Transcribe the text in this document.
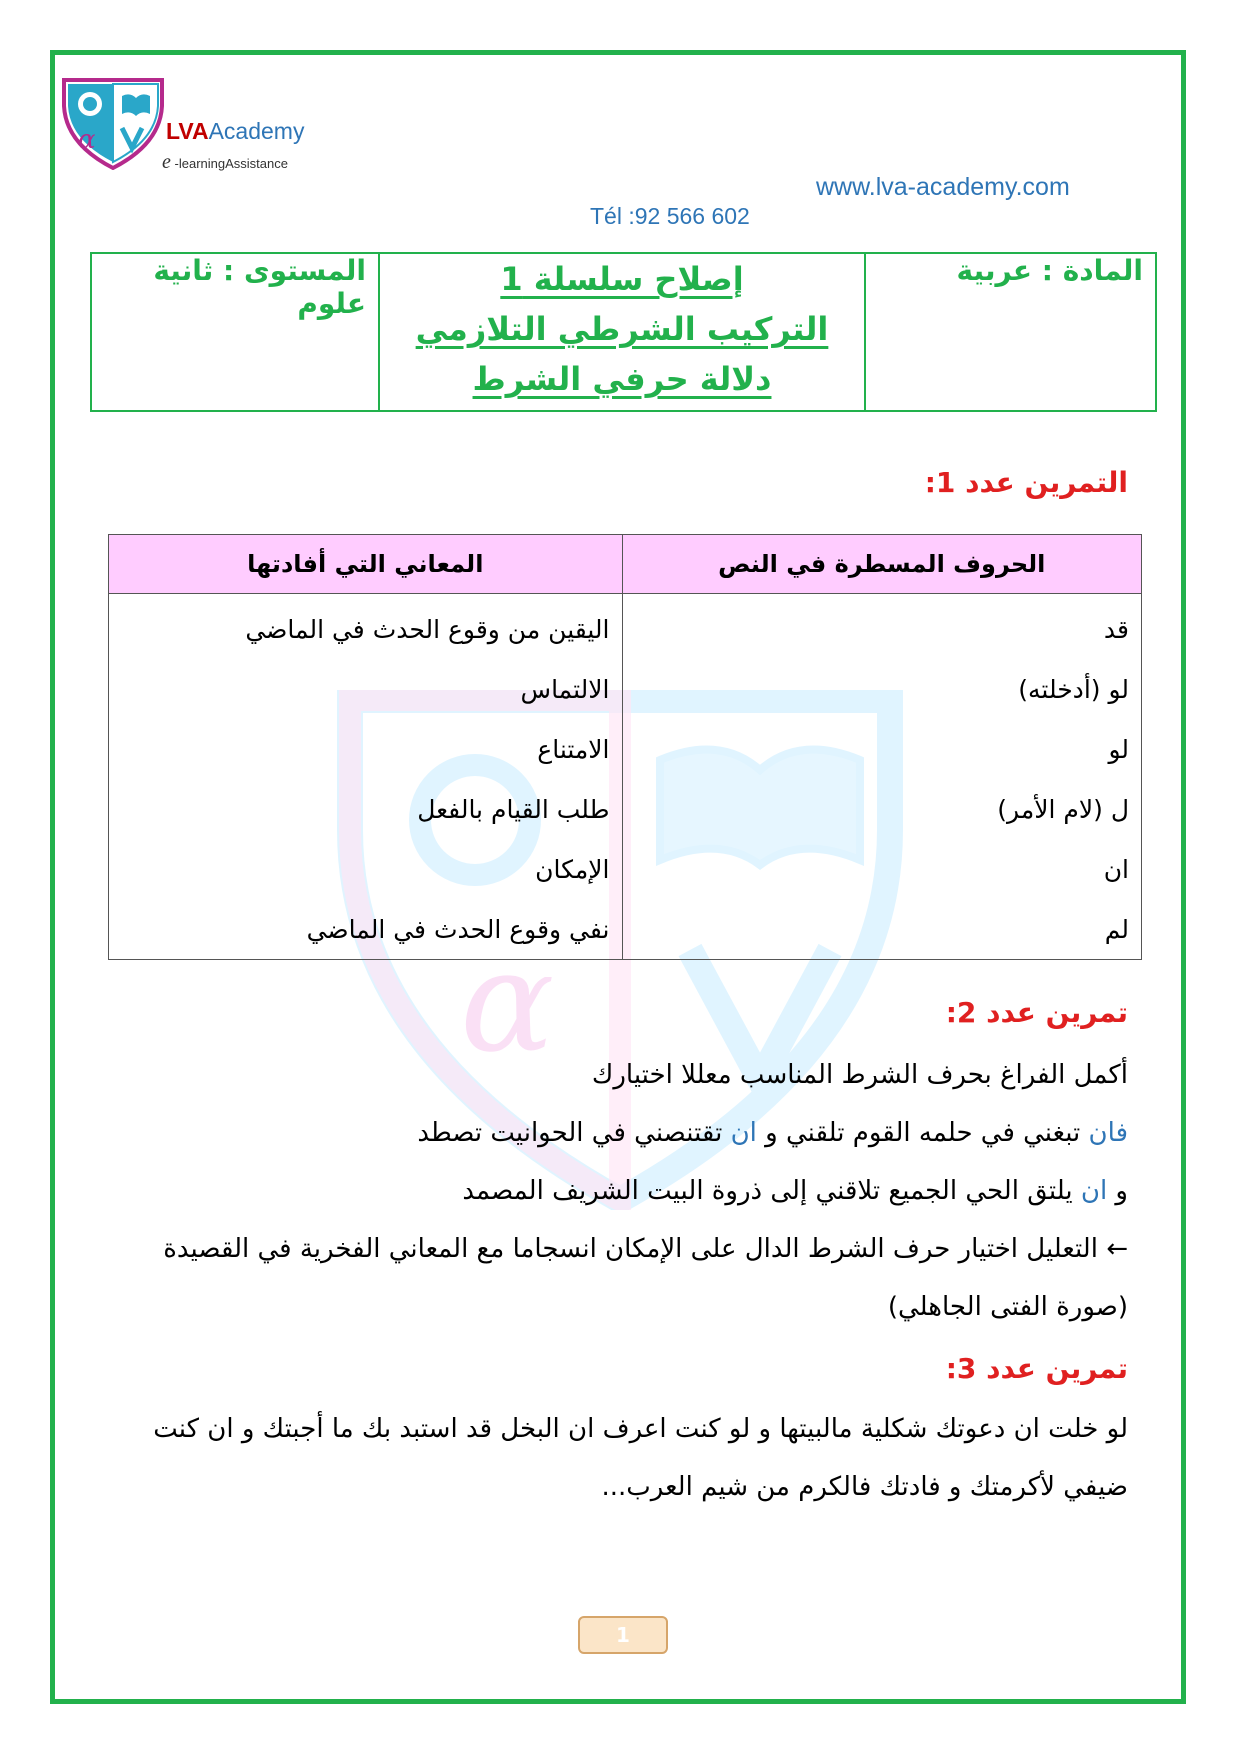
α
α	LVAAcademy
e -learningAssistance
www.lva-academy.com
Tél :92 566 602
المادة : عربية	
إصلاح سلسلة 1
التركيب الشرطي التلازمي
دلالة حرفي الشرط
	المستوى : ثانية علوم
التمرين عدد 1:
الحروف المسطرة في النص	المعاني التي أفادتها
قد	اليقين من وقوع الحدث في الماضي
لو (أدخلته)	الالتماس
لو	الامتناع
ل (لام الأمر)	طلب القيام بالفعل
ان	الإمكان
لم	نفي وقوع الحدث في الماضي
تمرين عدد 2:
أكمل الفراغ بحرف الشرط المناسب معللا اختيارك
فان تبغني في حلمه القوم تلقني و ان تقتنصني في الحوانيت تصطد
و ان يلتق الحي الجميع تلاقني إلى ذروة البيت الشريف المصمد
← التعليل اختيار حرف الشرط الدال على الإمكان انسجاما مع المعاني الفخرية في القصيدة
(صورة الفتى الجاهلي)
تمرين عدد 3:
لو خلت ان دعوتك شكلية مالبيتها و لو كنت اعرف ان البخل قد استبد بك ما أجبتك و ان كنت
ضيفي لأكرمتك و فادتك فالكرم من شيم العرب...
1
